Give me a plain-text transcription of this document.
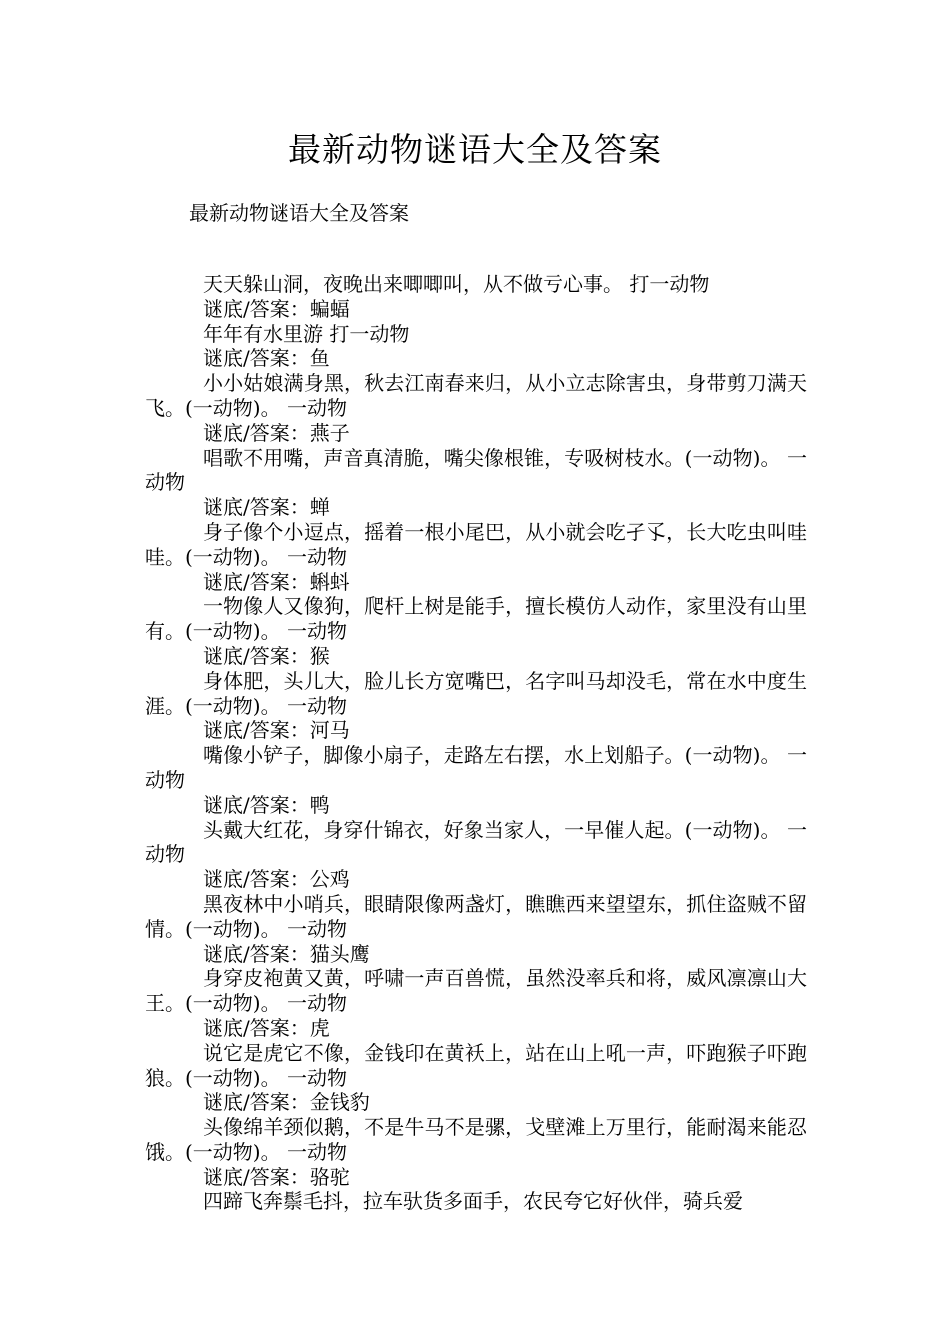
最新动物谜语大全及答案
最新动物谜语大全及答案

天天躲山洞，夜晚出来唧唧叫，从不做亏心事。 打一动物

谜底/答案：蝙蝠

年年有水里游 打一动物

谜底/答案：鱼

小小姑娘满身黑，秋去江南春来归，从小立志除害虫，身带剪刀满天飞。(一动物)。 一动物

谜底/答案：燕子

唱歌不用嘴，声音真清脆，嘴尖像根锥，专吸树枝水。(一动物)。 一动物

谜底/答案：蝉

身子像个小逗点，摇着一根小尾巴，从小就会吃孑孓，长大吃虫叫哇哇。(一动物)。 一动物

谜底/答案：蝌蚪

一物像人又像狗，爬杆上树是能手，擅长模仿人动作，家里没有山里有。(一动物)。 一动物

谜底/答案：猴

身体肥，头儿大，脸儿长方宽嘴巴，名字叫马却没毛，常在水中度生涯。(一动物)。 一动物

谜底/答案：河马

嘴像小铲子，脚像小扇子，走路左右摆，水上划船子。(一动物)。 一动物

谜底/答案：鸭

头戴大红花，身穿什锦衣，好象当家人，一早催人起。(一动物)。 一动物

谜底/答案：公鸡

黑夜林中小哨兵，眼睛限像两盏灯，瞧瞧西来望望东，抓住盗贼不留情。(一动物)。 一动物

谜底/答案：猫头鹰

身穿皮袍黄又黄，呼啸一声百兽慌，虽然没率兵和将，威风凛凛山大王。(一动物)。 一动物

谜底/答案：虎

说它是虎它不像，金钱印在黄袄上，站在山上吼一声，吓跑猴子吓跑狼。(一动物)。 一动物

谜底/答案：金钱豹

头像绵羊颈似鹅，不是牛马不是骡，戈壁滩上万里行，能耐渴来能忍饿。(一动物)。 一动物

谜底/答案：骆驼

四蹄飞奔鬃毛抖，拉车驮货多面手，农民夸它好伙伴，骑兵爱
